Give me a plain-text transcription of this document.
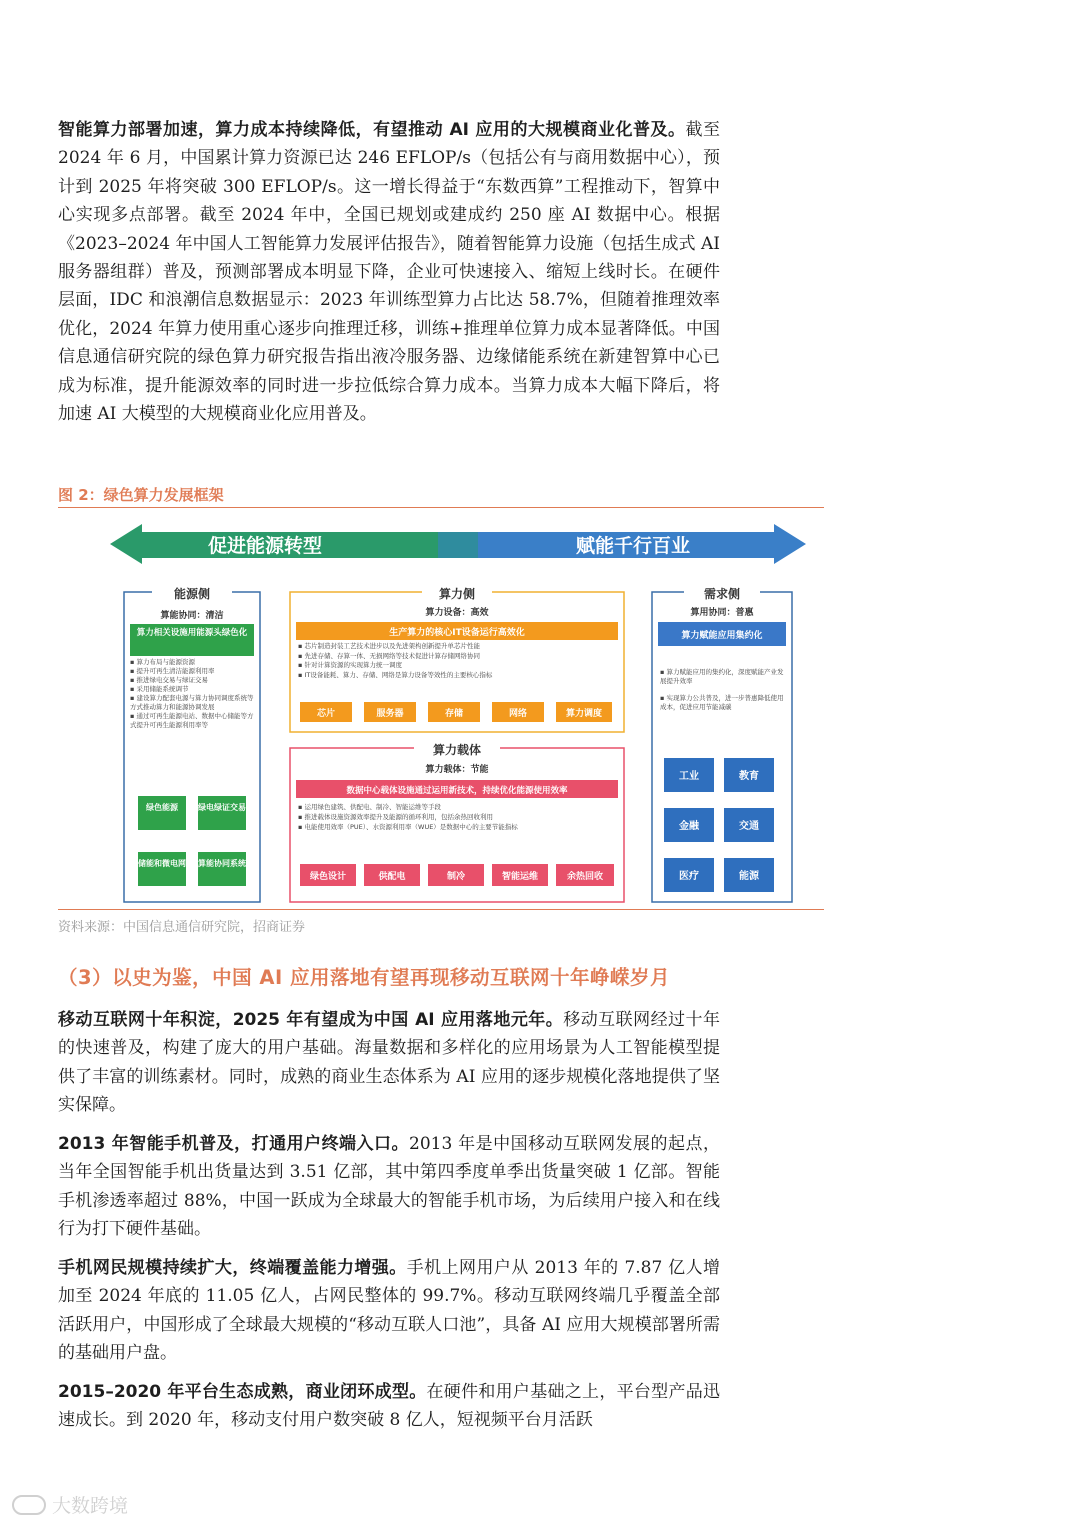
智能算力部署加速，算力成本持续降低，有望推动 AI 应用的大规模商业化普及。截至 2024 年 6 月，中国累计算力资源已达 246 EFLOP/s（包括公有与商用数据中心），预计到 2025 年将突破 300 EFLOP/s。这一增长得益于“东数西算”工程推动下，智算中心实现多点部署。截至 2024 年中，全国已规划或建成约 250 座 AI 数据中心。根据《2023–2024 年中国人工智能算力发展评估报告》，随着智能算力设施（包括生成式 AI 服务器组群）普及，预测部署成本明显下降，企业可快速接入、缩短上线时长。在硬件层面，IDC 和浪潮信息数据显示：2023 年训练型算力占比达 58.7%，但随着推理效率优化，2024 年算力使用重心逐步向推理迁移，训练+推理单位算力成本显著降低。中国信息通信研究院的绿色算力研究报告指出液冷服务器、边缘储能系统在新建智算中心已成为标准，提升能源效率的同时进一步拉低综合算力成本。当算力成本大幅下降后，将加速 AI 大模型的大规模商业化应用普及。

图 2：绿色算力发展框架
促进能源转型	赋能千行百业
能源侧
算能协同：清洁
算力相关设施用能源头绿色化
▪ 算力布局与能源资源
▪ 提升可再生清洁能源利用率
▪ 推进绿电交易与绿证交易
▪ 采用储能系统调节
▪ 建设算力配套电源与算力协同调度系统等方式推动算力和能源协调发展
▪ 通过可再生能源电站、数据中心储能等方式提升可再生能源利用率等
绿色能源	绿电绿证交易
储能和微电网 算能协同系统
算力侧
算力设备：高效
生产算力的核心IT设备运行高效化
▪ 芯片制造封装工艺技术进步以及先进架构创新提升单芯片性能
▪ 先进存储、存算一体、无损网络等技术促进计算存储网络协同
▪ 针对计算资源的实现算力统一调度
▪ IT设备能耗、算力、存储、网络是算力设备等效性的主要核心指标
芯片	服务器	存储	网络	算力调度
算力载体
算力载体：节能
数据中心载体设施通过运用新技术，持续优化能源使用效率
▪ 运用绿色建筑、供配电、制冷、智能运维等手段
▪ 推进载体设施资源效率提升及能源的循环利用，包括余热回收利用
▪ 电能使用效率（PUE）、水资源利用率（WUE）是数据中心的主要节能指标
绿色设计	供配电	制冷	智能运维	余热回收
需求侧
算用协同：普惠
算力赋能应用集约化
▪ 算力赋能应用的集约化，深度赋能产业发展提升效率
▪ 实现算力公共普及，进一步普惠降低使用成本，促进应用节能减碳
工业	教育
金融	交通
医疗	能源
资料来源：中国信息通信研究院，招商证券
（3）以史为鉴，中国 AI 应用落地有望再现移动互联网十年峥嵘岁月

移动互联网十年积淀，2025 年有望成为中国 AI 应用落地元年。移动互联网经过十年的快速普及，构建了庞大的用户基础。海量数据和多样化的应用场景为人工智能模型提供了丰富的训练素材。同时，成熟的商业生态体系为 AI 应用的逐步规模化落地提供了坚实保障。

2013 年智能手机普及，打通用户终端入口。2013 年是中国移动互联网发展的起点，当年全国智能手机出货量达到 3.51 亿部，其中第四季度单季出货量突破 1 亿部。智能手机渗透率超过 88%，中国一跃成为全球最大的智能手机市场，为后续用户接入和在线行为打下硬件基础。

手机网民规模持续扩大，终端覆盖能力增强。手机上网用户从 2013 年的 7.87 亿人增加至 2024 年底的 11.05 亿人，占网民整体的 99.7%。移动互联网终端几乎覆盖全部活跃用户，中国形成了全球最大规模的“移动互联人口池”，具备 AI 应用大规模部署所需的基础用户盘。

2015–2020 年平台生态成熟，商业闭环成型。在硬件和用户基础之上，平台型产品迅速成长。到 2020 年，移动支付用户数突破 8 亿人，短视频平台月活跃

大数跨境
